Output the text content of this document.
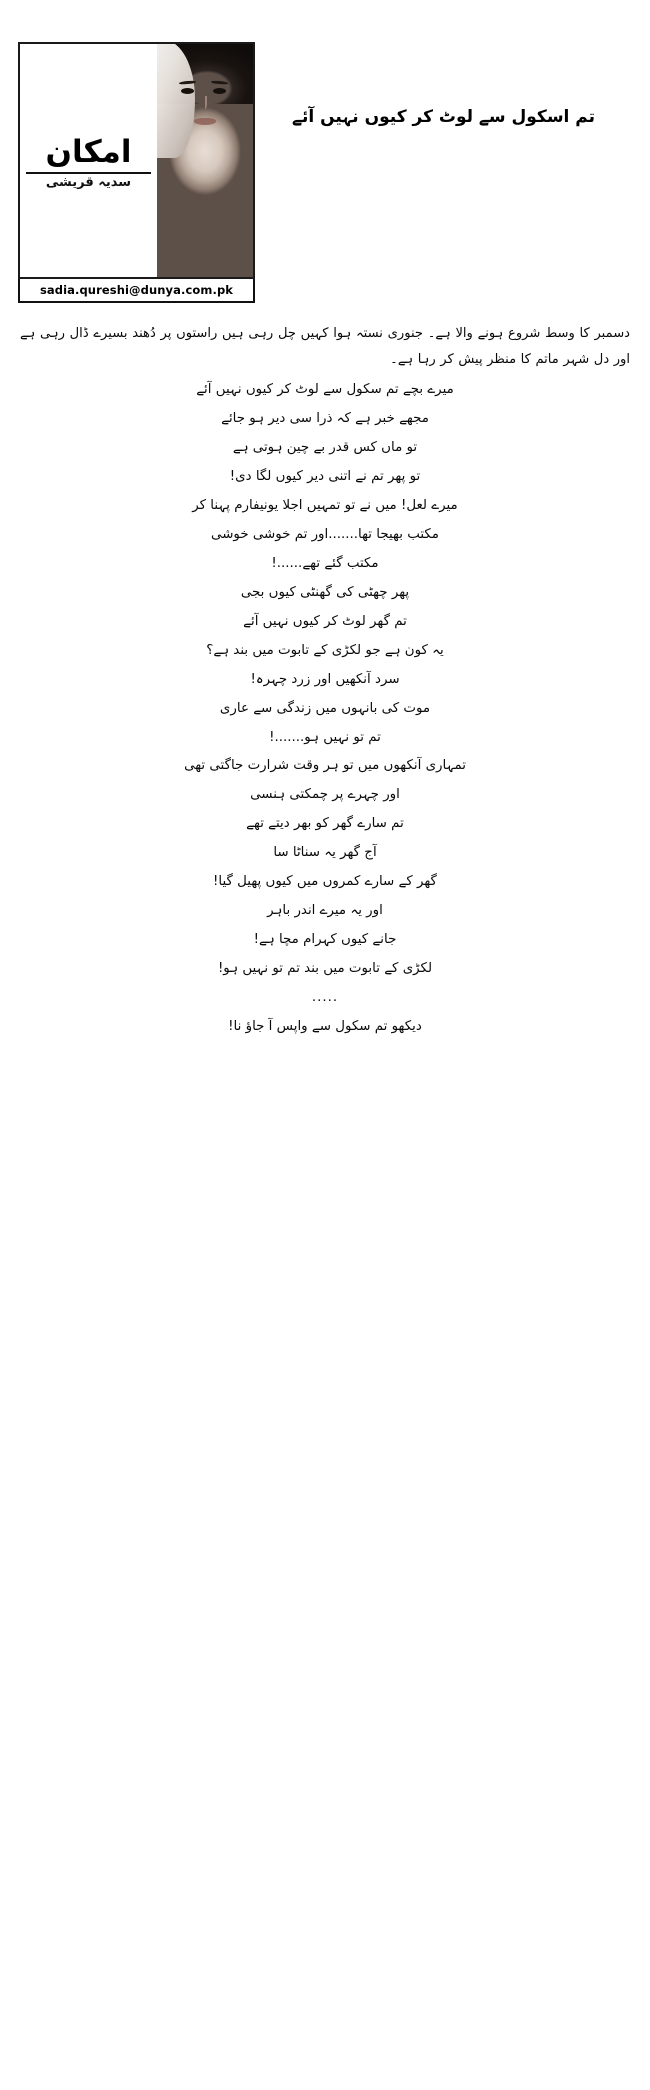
امکان
سدیہ قریشی
sadia.qureshi@dunya.com.pk
تم اسکول سے لوٹ کر کیوں نہیں آئے

دسمبر کا وسط شروع ہونے والا ہے۔ جنوری نستہ ہوا کہیں چل رہی ہیں راستوں پر دُھند بسیرے ڈال رہی ہے اور دل شہر ماتم کا منظر پیش کر رہا ہے۔

میرے بچے تم سکول سے لوٹ کر کیوں نہیں آئے
مجھے خبر ہے کہ ذرا سی دیر ہو جائے
تو ماں کس قدر بے چین ہوتی ہے
تو پھر تم نے اتنی دیر کیوں لگا دی!
میرے لعل! میں نے تو تمہیں اجلا یونیفارم پہنا کر
مکتب بھیجا تھا.......اور تم خوشی خوشی
مکتب گئے تھے......!
پھر چھٹی کی گھنٹی کیوں بجی
تم گھر لوٹ کر کیوں نہیں آئے
یہ کون ہے جو لکڑی کے تابوت میں بند ہے؟
سرد آنکھیں اور زرد چہرہ!
موت کی بانہوں میں زندگی سے عاری
تم تو نہیں ہو.......!
تمہاری آنکھوں میں تو ہر وقت شرارت جاگتی تھی
اور چہرے پر چمکتی ہنسی
تم سارے گھر کو بھر دیتے تھے
آج گھر یہ سناٹا سا
گھر کے سارے کمروں میں کیوں پھیل گیا!
اور یہ میرے اندر باہر
جانے کیوں کہرام مچا ہے!
لکڑی کے تابوت میں بند تم تو نہیں ہو!
.....
دیکھو تم سکول سے واپس آ جاؤ نا!
